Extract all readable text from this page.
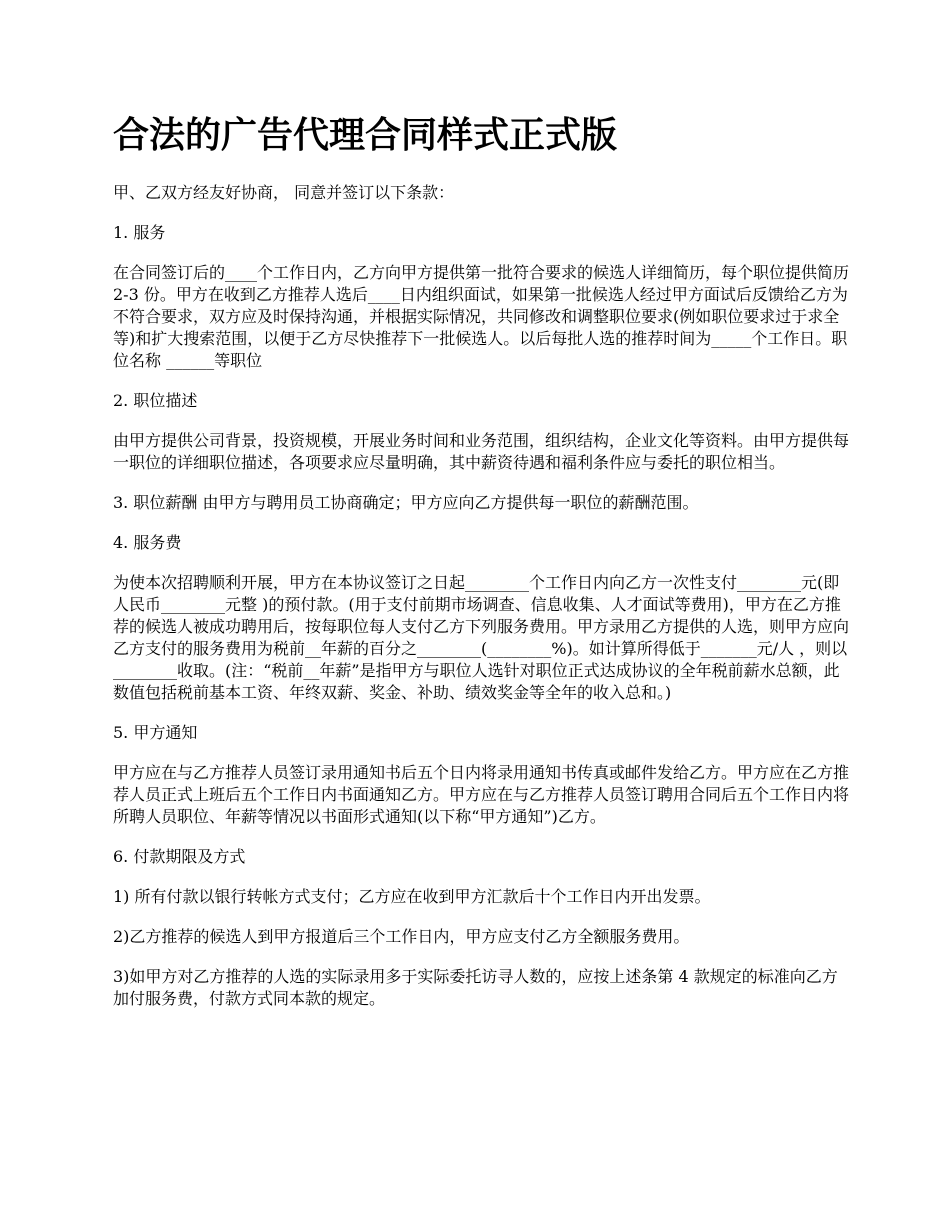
合法的广告代理合同样式正式版

甲、乙双方经友好协商， 同意并签订以下条款：

1. 服务

在合同签订后的____个工作日内，乙方向甲方提供第一批符合要求的候选人详细简历，每个职位提供简历 2-3 份。甲方在收到乙方推荐人选后____日内组织面试，如果第一批候选人经过甲方面试后反馈给乙方为不符合要求，双方应及时保持沟通，并根据实际情况，共同修改和调整职位要求(例如职位要求过于求全等)和扩大搜索范围，以便于乙方尽快推荐下一批候选人。以后每批人选的推荐时间为_____个工作日。职位名称 ______等职位

2. 职位描述

由甲方提供公司背景，投资规模，开展业务时间和业务范围，组织结构，企业文化等资料。由甲方提供每一职位的详细职位描述，各项要求应尽量明确，其中薪资待遇和福利条件应与委托的职位相当。

3. 职位薪酬 由甲方与聘用员工协商确定；甲方应向乙方提供每一职位的薪酬范围。

4. 服务费

为使本次招聘顺利开展，甲方在本协议签订之日起________个工作日内向乙方一次性支付________元(即人民币________元整 )的预付款。(用于支付前期市场调查、信息收集、人才面试等费用)，甲方在乙方推荐的候选人被成功聘用后，按每职位每人支付乙方下列服务费用。甲方录用乙方提供的人选，则甲方应向乙方支付的服务费用为税前__年薪的百分之________(________%)。如计算所得低于_______元/人 ，则以 ________收取。(注：“税前__年薪”是指甲方与职位人选针对职位正式达成协议的全年税前薪水总额，此数值包括税前基本工资、年终双薪、奖金、补助、绩效奖金等全年的收入总和。)

5. 甲方通知

甲方应在与乙方推荐人员签订录用通知书后五个日内将录用通知书传真或邮件发给乙方。甲方应在乙方推荐人员正式上班后五个工作日内书面通知乙方。甲方应在与乙方推荐人员签订聘用合同后五个工作日内将所聘人员职位、年薪等情况以书面形式通知(以下称“甲方通知”)乙方。

6. 付款期限及方式

1) 所有付款以银行转帐方式支付；乙方应在收到甲方汇款后十个工作日内开出发票。

2)乙方推荐的候选人到甲方报道后三个工作日内，甲方应支付乙方全额服务费用。

3)如甲方对乙方推荐的人选的实际录用多于实际委托访寻人数的，应按上述条第 4 款规定的标准向乙方加付服务费，付款方式同本款的规定。
